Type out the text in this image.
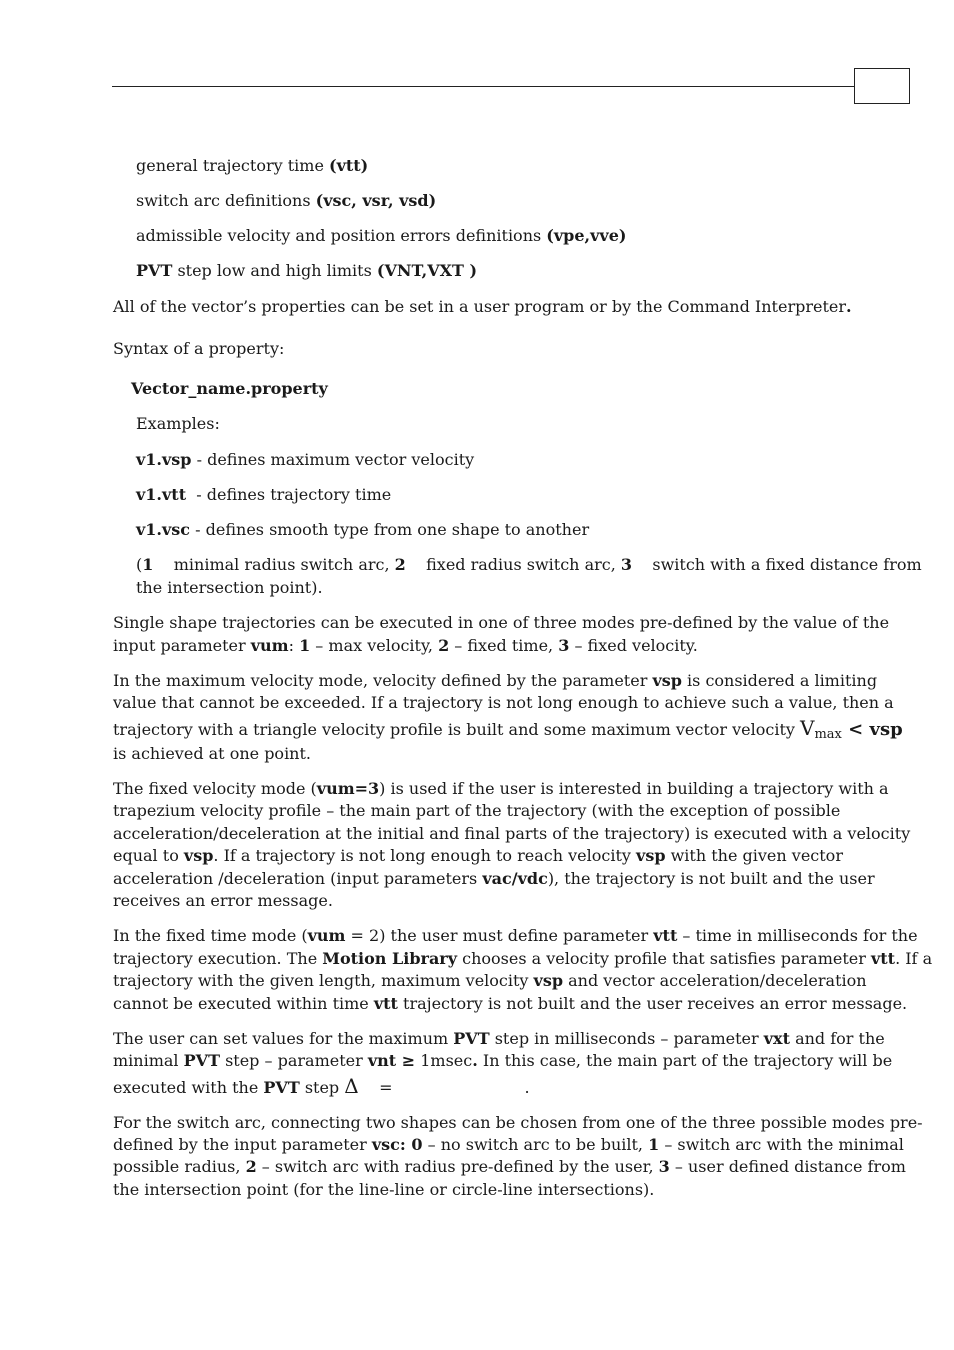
general trajectory time (vtt)
switch arc definitions (vsc, vsr, vsd)
admissible velocity and position errors definitions (vpe,vve)
PVT step low and high limits (VNT,VXT )
All of the vector’s properties can be set in a user program or by the Command Interpreter.
Syntax of a property:
Vector_name.property
Examples:
v1.vsp - defines maximum vector velocity
v1.vtt  - defines trajectory time
v1.vsc - defines smooth type from one shape to another
(1    minimal radius switch arc, 2    fixed radius switch arc, 3    switch with a fixed distance from
the intersection point).
Single shape trajectories can be executed in one of three modes pre-defined by the value of the
input parameter vum: 1 – max velocity, 2 – fixed time, 3 – fixed velocity.
In the maximum velocity mode, velocity defined by the parameter vsp is considered a limiting
value that cannot be exceeded. If a trajectory is not long enough to achieve such a value, then a
trajectory with a triangle velocity profile is built and some maximum vector velocity $V_{max}$ < vsp
is achieved at one point.
The fixed velocity mode (vum=3) is used if the user is interested in building a trajectory with a
trapezium velocity profile – the main part of the trajectory (with the exception of possible
acceleration/deceleration at the initial and final parts of the trajectory) is executed with a velocity
equal to vsp. If a trajectory is not long enough to reach velocity vsp with the given vector
acceleration /deceleration (input parameters vac/vdc), the trajectory is not built and the user
receives an error message.
In the fixed time mode (vum = 2) the user must define parameter vtt – time in milliseconds for the
trajectory execution. The Motion Library chooses a velocity profile that satisfies parameter vtt. If a
trajectory with the given length, maximum velocity vsp and vector acceleration/deceleration
cannot be executed within time vtt trajectory is not built and the user receives an error message.
The user can set values for the maximum PVT step in milliseconds – parameter vxt and for the
minimal PVT step – parameter vnt ≥ 1msec. In this case, the main part of the trajectory will be
executed with the PVT step Δ    =	.
For the switch arc, connecting two shapes can be chosen from one of the three possible modes pre-
defined by the input parameter vsc: 0 – no switch arc to be built, 1 – switch arc with the minimal
possible radius, 2 – switch arc with radius pre-defined by the user, 3 – user defined distance from
the intersection point (for the line-line or circle-line intersections).
